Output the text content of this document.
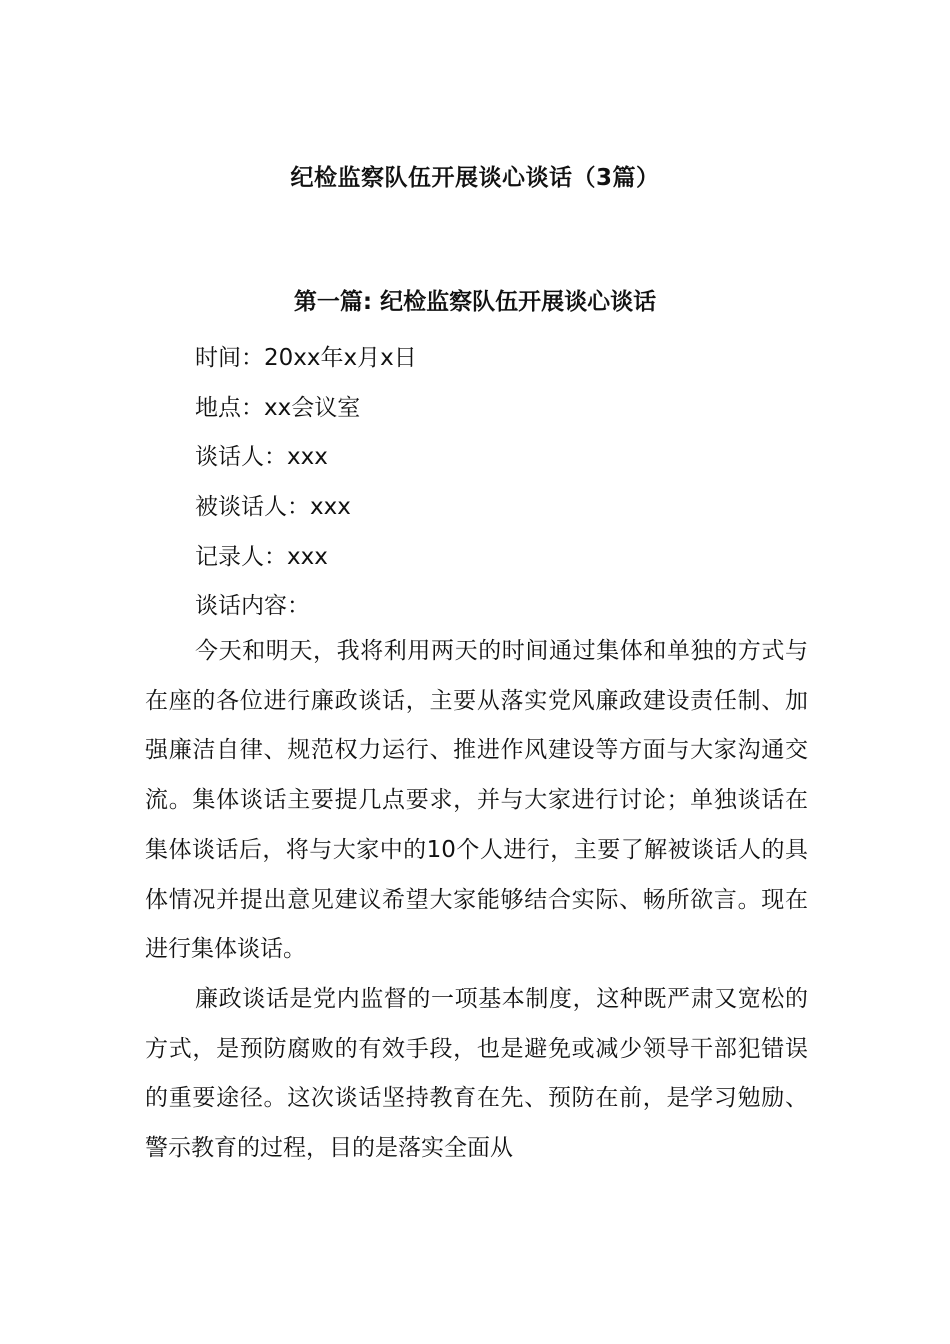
纪检监察队伍开展谈心谈话（3篇）
第一篇: 纪检监察队伍开展谈心谈话
时间：20xx年x月x日
地点：xx会议室
谈话人：xxx
被谈话人：xxx
记录人：xxx
谈话内容：

今天和明天，我将利用两天的时间通过集体和单独的方式与在座的各位进行廉政谈话，主要从落实党风廉政建设责任制、加强廉洁自律、规范权力运行、推进作风建设等方面与大家沟通交流。集体谈话主要提几点要求，并与大家进行讨论；单独谈话在集体谈话后，将与大家中的10个人进行，主要了解被谈话人的具体情况并提出意见建议希望大家能够结合实际、畅所欲言。现在进行集体谈话。

廉政谈话是党内监督的一项基本制度，这种既严肃又宽松的方式，是预防腐败的有效手段，也是避免或减少领导干部犯错误的重要途径。这次谈话坚持教育在先、预防在前，是学习勉励、警示教育的过程，目的是落实全面从
